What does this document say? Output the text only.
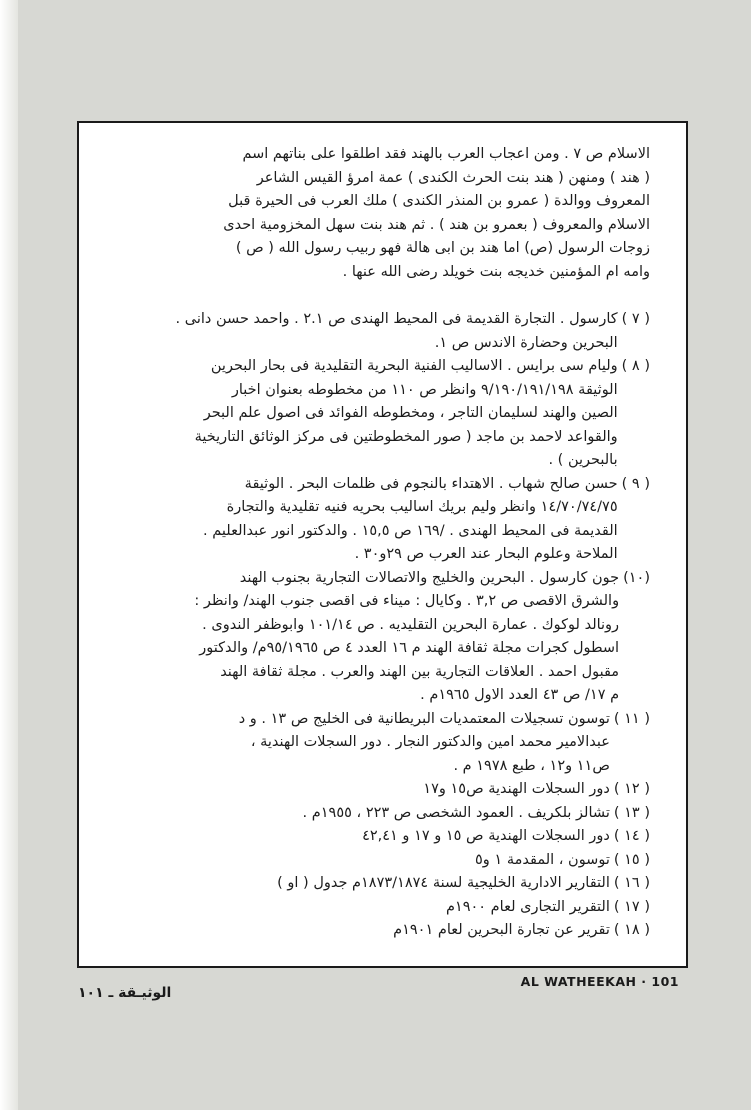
الاسلام ص ٧ . ومن اعجاب العرب بالهند فقد اطلقوا على بناتهم اسم

( هند ) ومنهن ( هند بنت الحرث الكندى ) عمة امرؤ القيس الشاعر

المعروف ووالدة ( عمرو بن المنذر الكندى ) ملك العرب فى الحيرة قبل

الاسلام والمعروف ( بعمرو بن هند ) . ثم هند بنت سهل المخزومية احدى

زوجات الرسول (ص) اما هند بن ابى هالة فهو ربيب رسول الله ( ص )

وامه ام المؤمنين خديجه بنت خويلد رضى الله عنها .

( ٧ )
كارسول . التجارة القديمة فى المحيط الهندى ص ٢.١ . واحمد حسن دانى .
البحرين وحضارة الاندس ص ١.
( ٨ )
وليام سى برايس . الاساليب الفنية البحرية التقليدية فى بحار البحرين
الوثيقة ٩/١٩٠/١٩١/١٩٨ وانظر ص ١١٠ من مخطوطه بعنوان اخبار
الصين والهند لسليمان التاجر ، ومخطوطه الفوائد فى اصول علم البحر
والقواعد لاحمد بن ماجد ( صور المخطوطتين فى مركز الوثائق التاريخية
بالبحرين ) .
( ٩ )
حسن صالح شهاب . الاهتداء بالنجوم فى ظلمات البحر . الوثيقة
١٤/٧٠/٧٤/٧٥ وانظر وليم بريك اساليب بحريه فنيه تقليدية والتجارة
القديمة فى المحيط الهندى . /١٦٩ ص ١٥,٥ . والدكتور انور عبدالعليم .
الملاحة وعلوم البحار عند العرب ص ٢٩و٣٠ .
(١٠)
جون كارسول . البحرين والخليج والاتصالات التجارية بجنوب الهند
والشرق الاقصى ص ٣,٢ . وكايال : ميناء فى اقصى جنوب الهند/ وانظر :
رونالد لوكوك . عمارة البحرين التقليديه . ص ١٠١/١٤ وابوظفر الندوى .
اسطول كجرات مجلة ثقافة الهند م ١٦ العدد ٤ ص ٩٥/١٩٦٥م/ والدكتور
مقبول احمد . العلاقات التجارية بين الهند والعرب . مجلة ثقافة الهند
م ١٧/ ص ٤٣ العدد الاول ١٩٦٥م .
( ١١ )
توسون تسجيلات المعتمديات البريطانية فى الخليج ص ١٣ . و د
عبدالامير محمد امين والدكتور النجار . دور السجلات الهندية ،
ص١١ و١٢ ، طبع ١٩٧٨ م .
( ١٢ )
دور السجلات الهندية ص١٥ و١٧
( ١٣ )
تشالز بلكريف . العمود الشخصى ص ٢٢٣ ، ١٩٥٥م .
( ١٤ )
دور السجلات الهندية ص ١٥ و ١٧ و ٤٢,٤١
( ١٥ )
توسون ، المقدمة ١ و٥
( ١٦ )
التقارير الادارية الخليجية لسنة ١٨٧٣/١٨٧٤م جدول ( او )
( ١٧ )
التقرير التجارى لعام ١٩٠٠م
( ١٨ )
تقرير عن تجارة البحرين لعام ١٩٠١م
الوثيـقة ـ ١٠١
AL WATHEEKAH · 101
